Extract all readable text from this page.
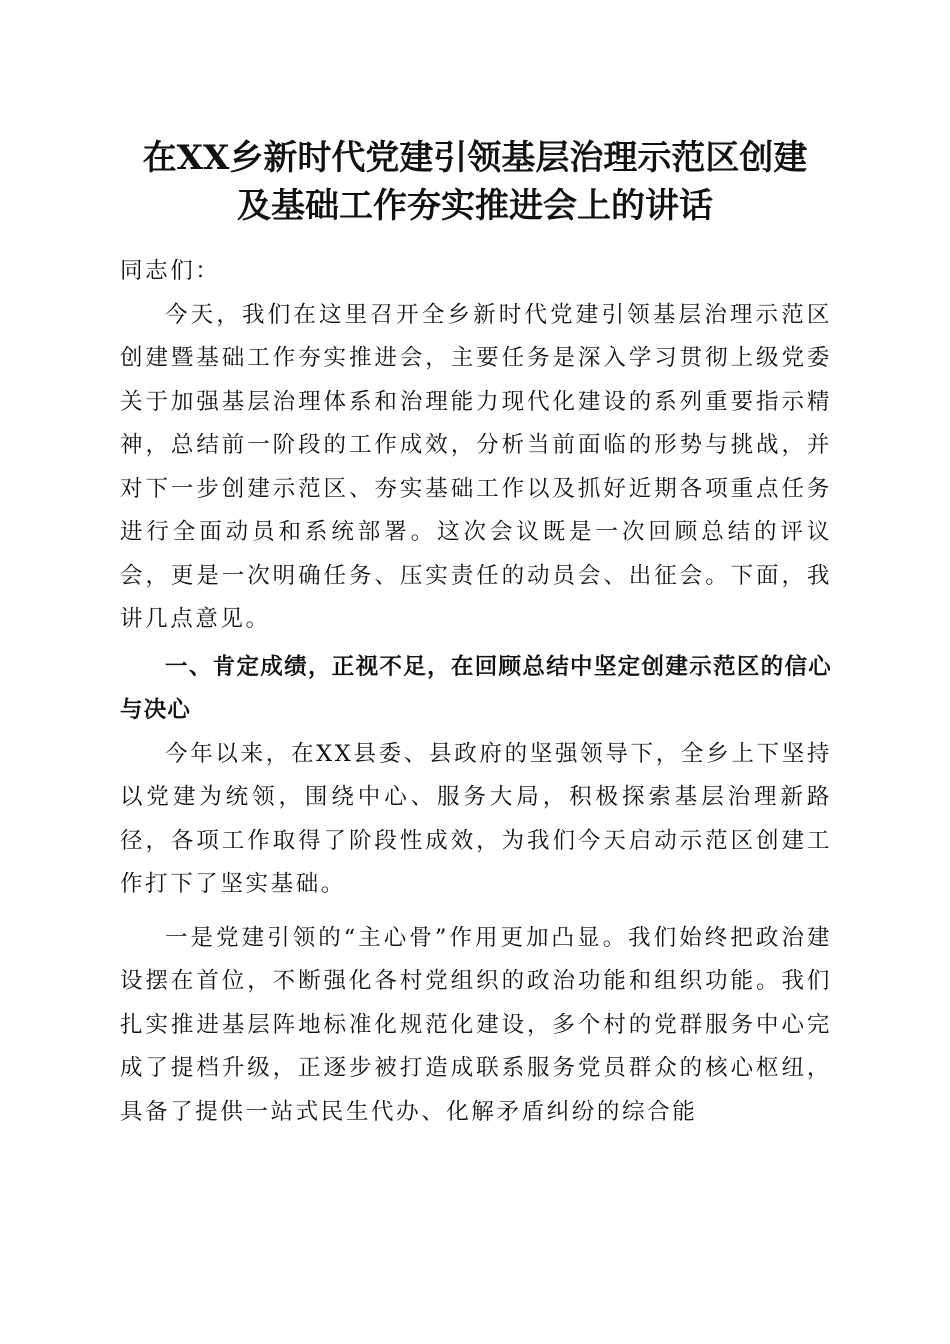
在XX乡新时代党建引领基层治理示范区创建
及基础工作夯实推进会上的讲话

同志们：

今天，我们在这里召开全乡新时代党建引领基层治理示范区创建暨基础工作夯实推进会，主要任务是深入学习贯彻上级党委关于加强基层治理体系和治理能力现代化建设的系列重要指示精神，总结前一阶段的工作成效，分析当前面临的形势与挑战，并对下一步创建示范区、夯实基础工作以及抓好近期各项重点任务进行全面动员和系统部署。这次会议既是一次回顾总结的评议会，更是一次明确任务、压实责任的动员会、出征会。下面，我讲几点意见。

一、肯定成绩，正视不足，在回顾总结中坚定创建示范区的信心与决心

今年以来，在XX县委、县政府的坚强领导下，全乡上下坚持以党建为统领，围绕中心、服务大局，积极探索基层治理新路径，各项工作取得了阶段性成效，为我们今天启动示范区创建工作打下了坚实基础。

一是党建引领的“主心骨”作用更加凸显。我们始终把政治建设摆在首位，不断强化各村党组织的政治功能和组织功能。我们扎实推进基层阵地标准化规范化建设，多个村的党群服务中心完成了提档升级，正逐步被打造成联系服务党员群众的核心枢纽，具备了提供一站式民生代办、化解矛盾纠纷的综合能
